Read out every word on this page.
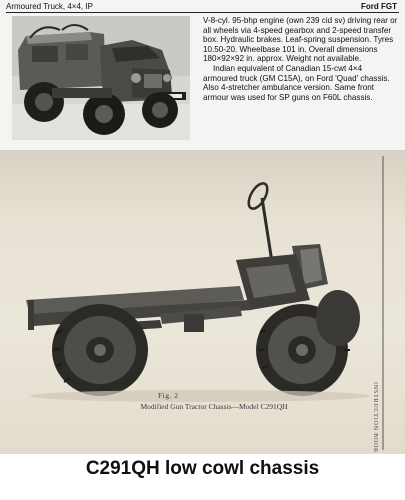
Armoured Truck, 4×4, IP	Ford FGT

V-8-cyl. 95-bhp engine (own 239 cid sv) driving rear or all wheels via 4-speed gearbox and 2-speed transfer box. Hydraulic brakes. Leaf-spring suspension. Tyres 10.50-20. Wheelbase 101 in. Overall dimensions 180×92×92 in. approx. Weight not available.

Indian equivalent of Canadian 15-cwt 4×4 armoured truck (GM C15A), on Ford 'Quad' chassis. Also 4-stretcher ambulance version. Same front armour was used for SP guns on F60L chassis.

Fig. 2
Modified Gun Tractor Chassis—Model C291QH	INSTRUCTION BOOK
C291QH low cowl chassis
